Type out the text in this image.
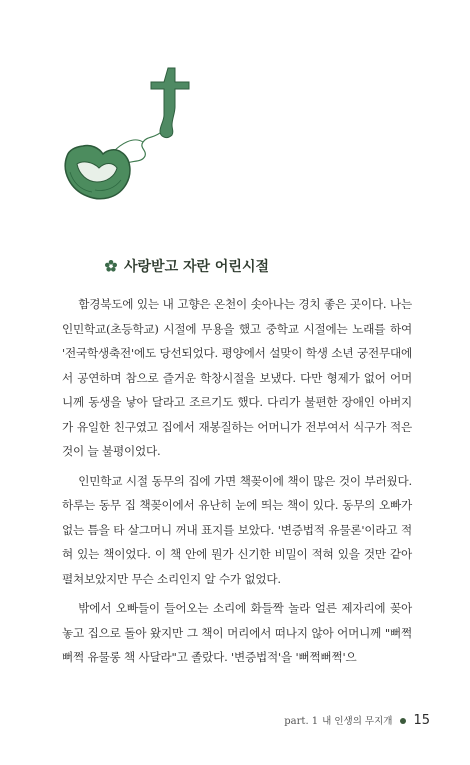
사랑받고 자란 어린시절

함경북도에 있는 내 고향은 온천이 솟아나는 경치 좋은 곳이다. 나는 인민학교(초등학교) 시절에 무용을 했고 중학교 시절에는 노래를 하여 '전국학생축전'에도 당선되었다. 평양에서 설맞이 학생 소년 궁전무대에서 공연하며 참으로 즐거운 학창시절을 보냈다. 다만 형제가 없어 어머니께 동생을 낳아 달라고 조르기도 했다. 다리가 불편한 장애인 아버지가 유일한 친구였고 집에서 재봉질하는 어머니가 전부여서 식구가 적은 것이 늘 불평이었다.

인민학교 시절 동무의 집에 가면 책꽂이에 책이 많은 것이 부러웠다. 하루는 동무 집 책꽂이에서 유난히 눈에 띄는 책이 있다. 동무의 오빠가 없는 틈을 타 살그머니 꺼내 표지를 보았다. '변증법적 유물론'이라고 적혀 있는 책이었다. 이 책 안에 뭔가 신기한 비밀이 적혀 있을 것만 같아 펼쳐보았지만 무슨 소리인지 알 수가 없었다.

밖에서 오빠들이 들어오는 소리에 화들짝 놀라 얼른 제자리에 꽂아 놓고 집으로 돌아 왔지만 그 책이 머리에서 떠나지 않아 어머니께 "뻐쩍뻐쩍 유물롱 책 사달라"고 졸랐다. '변증법적'을 '뻐쩍뻐쩍'으

part. 1 내 인생의 무지개 15
